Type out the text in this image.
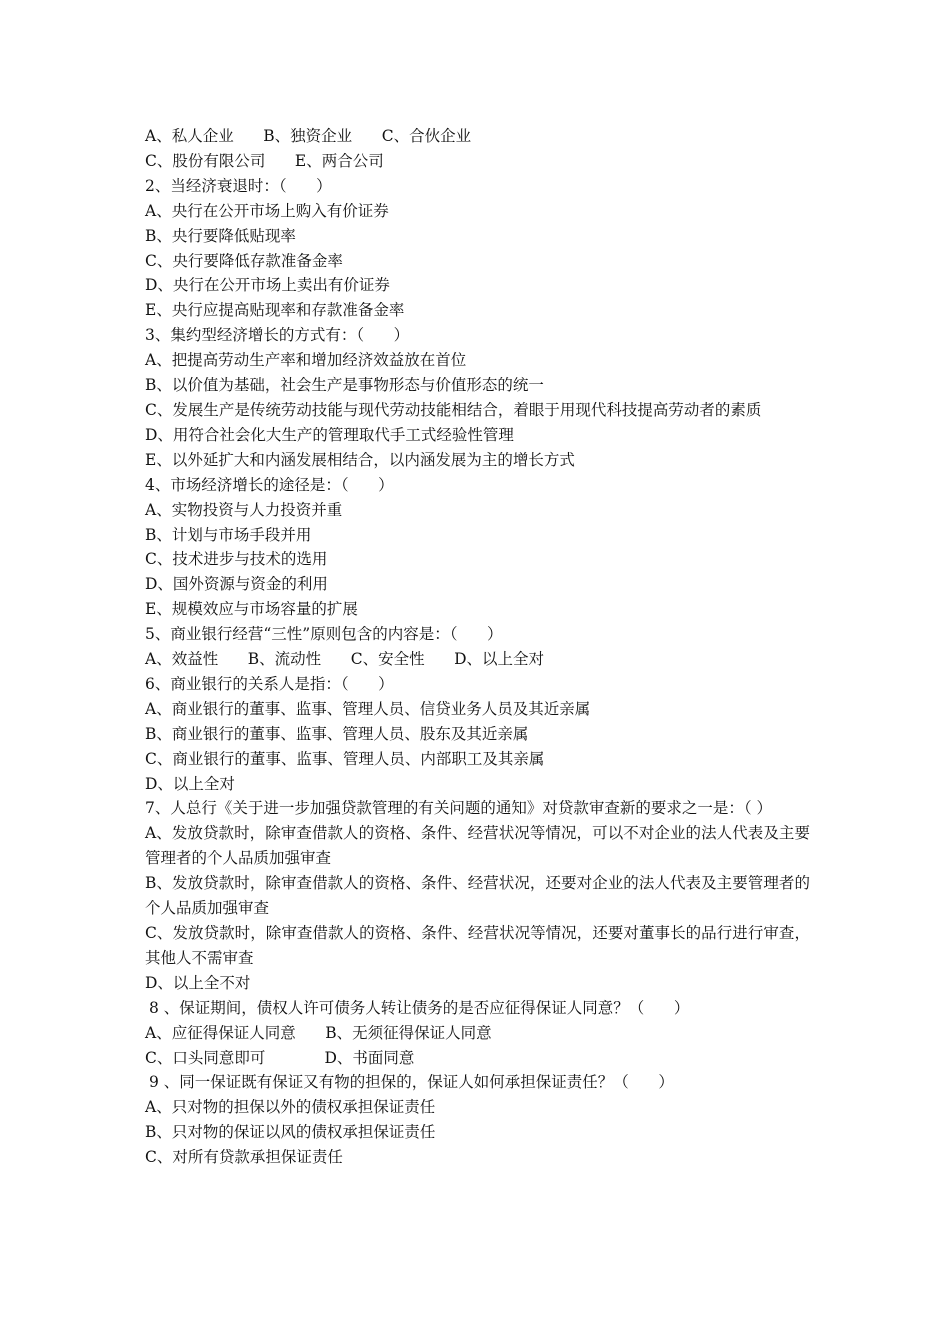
A、私人企业      B、独资企业      C、合伙企业
C、股份有限公司      E、两合公司
2、当经济衰退时：（      ）
A、央行在公开市场上购入有价证券
B、央行要降低贴现率
C、央行要降低存款准备金率
D、央行在公开市场上卖出有价证券
E、央行应提高贴现率和存款准备金率
3、集约型经济增长的方式有：（      ）
A、把提高劳动生产率和增加经济效益放在首位
B、以价值为基础，社会生产是事物形态与价值形态的统一
C、发展生产是传统劳动技能与现代劳动技能相结合，着眼于用现代科技提高劳动者的素质
D、用符合社会化大生产的管理取代手工式经验性管理
E、以外延扩大和内涵发展相结合，以内涵发展为主的增长方式
4、市场经济增长的途径是：（      ）
A、实物投资与人力投资并重
B、计划与市场手段并用
C、技术进步与技术的选用
D、国外资源与资金的利用
E、规模效应与市场容量的扩展
5、商业银行经营“三性”原则包含的内容是：（      ）
A、效益性      B、流动性      C、安全性      D、以上全对
6、商业银行的关系人是指：（      ）
A、商业银行的董事、监事、管理人员、信贷业务人员及其近亲属
B、商业银行的董事、监事、管理人员、股东及其近亲属
C、商业银行的董事、监事、管理人员、内部职工及其亲属
D、以上全对
7、人总行《关于进一步加强贷款管理的有关问题的通知》对贷款审查新的要求之一是：（ ）
A、发放贷款时，除审查借款人的资格、条件、经营状况等情况，可以不对企业的法人代表及主要管理者的个人品质加强审查
B、发放贷款时，除审查借款人的资格、条件、经营状况，还要对企业的法人代表及主要管理者的个人品质加强审查
C、发放贷款时，除审查借款人的资格、条件、经营状况等情况，还要对董事长的品行进行审查，其他人不需审查
D、以上全不对
8 、保证期间，债权人许可债务人转让债务的是否应征得保证人同意？（      ）
A、应征得保证人同意      B、无须征得保证人同意
C、口头同意即可            D、书面同意
9 、同一保证既有保证又有物的担保的，保证人如何承担保证责任？（      ）
A、只对物的担保以外的债权承担保证责任
B、只对物的保证以风的债权承担保证责任
C、对所有贷款承担保证责任
